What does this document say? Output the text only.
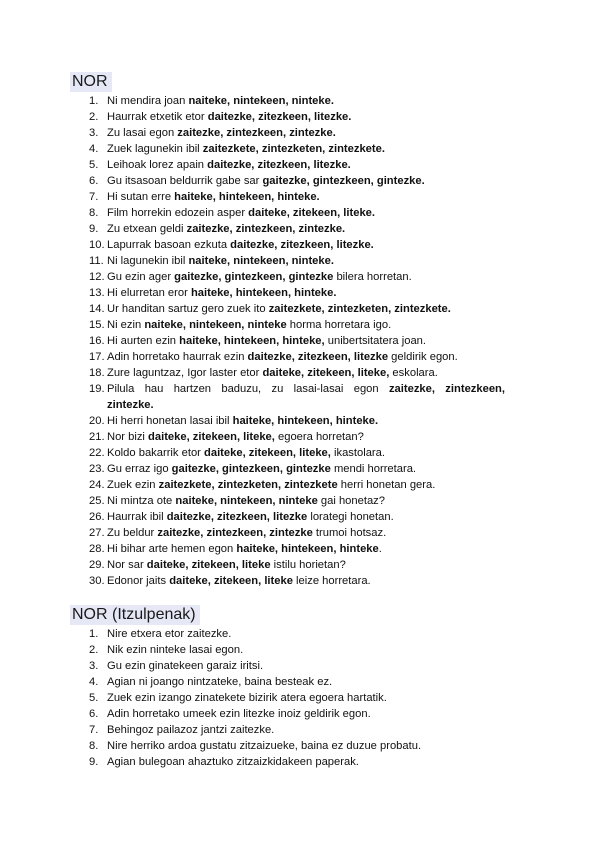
NOR
1. Ni mendira joan naiteke, nintekeen, ninteke.
2. Haurrak etxetik etor daitezke, zitezkeen, litezke.
3. Zu lasai egon zaitezke, zintezkeen, zintezke.
4. Zuek lagunekin ibil zaitezkete, zintezketen, zintezkete.
5. Leihoak lorez apain daitezke, zitezkeen, litezke.
6. Gu itsasoan beldurrik gabe sar gaitezke, gintezkeen, gintezke.
7. Hi sutan erre haiteke, hintekeen, hinteke.
8. Film horrekin edozein asper daiteke, zitekeen, liteke.
9. Zu etxean geldi zaitezke, zintezkeen, zintezke.
10. Lapurrak basoan ezkuta daitezke, zitezkeen, litezke.
11. Ni lagunekin ibil naiteke, nintekeen, ninteke.
12. Gu ezin ager gaitezke, gintezkeen, gintezke bilera horretan.
13. Hi elurretan eror haiteke, hintekeen, hinteke.
14. Ur handitan sartuz gero zuek ito zaitezkete, zintezketen, zintezkete.
15. Ni ezin naiteke, nintekeen, ninteke horma horretara igo.
16. Hi aurten ezin haiteke, hintekeen, hinteke, unibertsitatera joan.
17. Adin horretako haurrak ezin daitezke, zitezkeen, litezke geldirik egon.
18. Zure laguntzaz, Igor laster etor daiteke, zitekeen, liteke, eskolara.
19. Pilula hau hartzen baduzu, zu lasai-lasai egon zaitezke, zintezkeen,
zintezke.
20. Hi herri honetan lasai ibil haiteke, hintekeen, hinteke.
21. Nor bizi daiteke, zitekeen, liteke, egoera horretan?
22. Koldo bakarrik etor daiteke, zitekeen, liteke, ikastolara.
23. Gu erraz igo gaitezke, gintezkeen, gintezke mendi horretara.
24. Zuek ezin zaitezkete, zintezketen, zintezkete herri honetan gera.
25. Ni mintza ote naiteke, nintekeen, ninteke gai honetaz?
26. Haurrak ibil daitezke, zitezkeen, litezke lorategi honetan.
27. Zu beldur zaitezke, zintezkeen, zintezke trumoi hotsaz.
28. Hi bihar arte hemen egon haiteke, hintekeen, hinteke.
29. Nor sar daiteke, zitekeen, liteke istilu horietan?
30. Edonor jaits daiteke, zitekeen, liteke leize horretara.
NOR (Itzulpenak)
1. Nire etxera etor zaitezke.
2. Nik ezin ninteke lasai egon.
3. Gu ezin ginatekeen garaiz iritsi.
4. Agian ni joango nintzateke, baina besteak ez.
5. Zuek ezin izango zinatekete bizirik atera egoera hartatik.
6. Adin horretako umeek ezin litezke inoiz geldirik egon.
7. Behingoz pailazoz jantzi zaitezke.
8. Nire herriko ardoa gustatu zitzaizueke, baina ez duzue probatu.
9. Agian bulegoan ahaztuko zitzaizkidakeen paperak.
